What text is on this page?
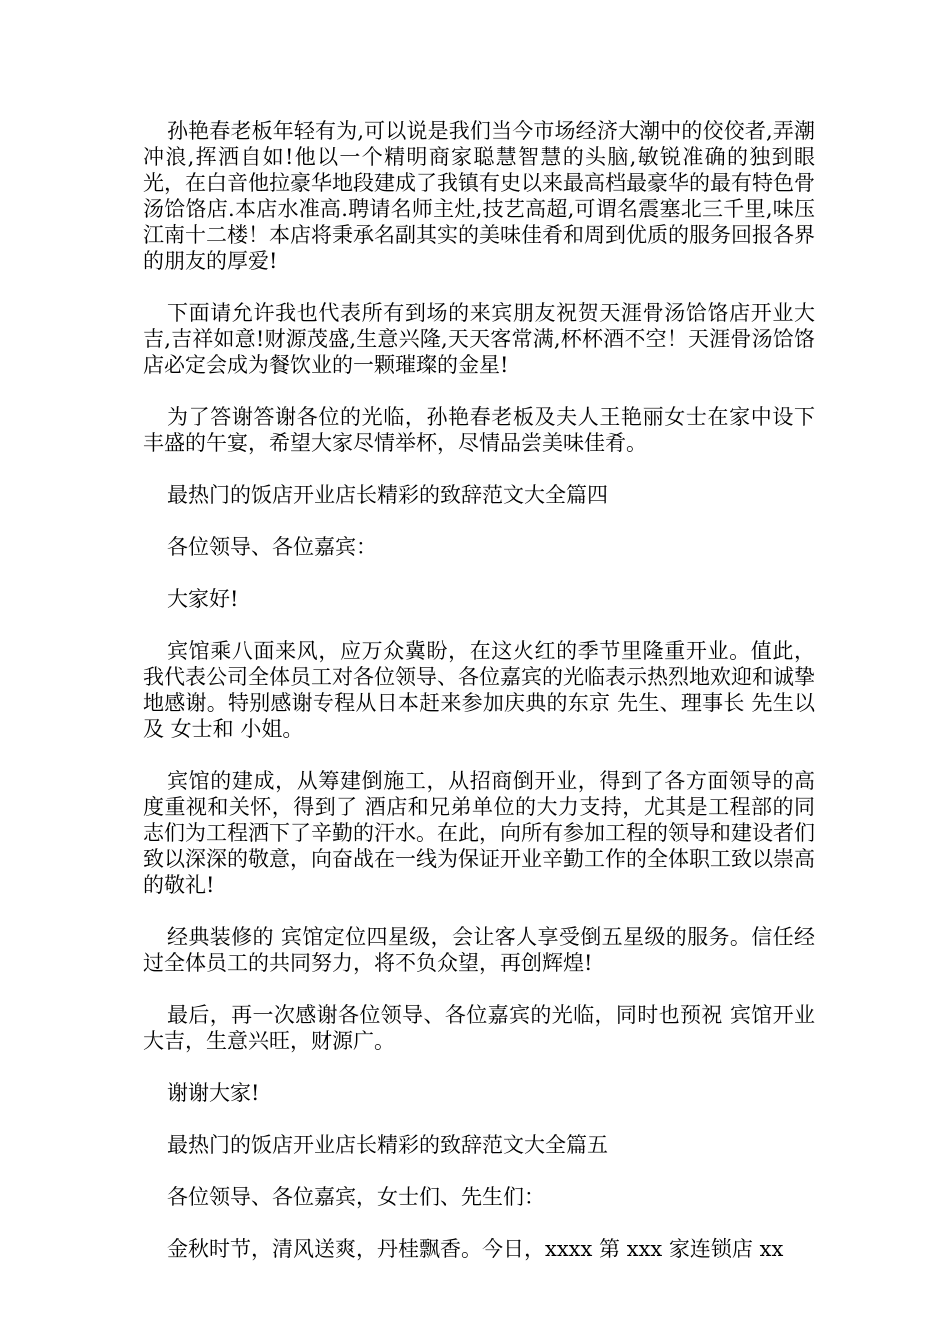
孙艳春老板年轻有为,可以说是我们当今市场经济大潮中的佼佼者,弄潮冲浪,挥洒自如!他以一个精明商家聪慧智慧的头脑,敏锐准确的独到眼光，在白音他拉豪华地段建成了我镇有史以来最高档最豪华的最有特色骨汤饸饹店.本店水准高.聘请名师主灶,技艺高超,可谓名震塞北三千里,味压江南十二楼！本店将秉承名副其实的美味佳肴和周到优质的服务回报各界的朋友的厚爱!

下面请允许我也代表所有到场的来宾朋友祝贺天涯骨汤饸饹店开业大吉,吉祥如意!财源茂盛,生意兴隆,天天客常满,杯杯酒不空！天涯骨汤饸饹店必定会成为餐饮业的一颗璀璨的金星!

为了答谢答谢各位的光临，孙艳春老板及夫人王艳丽女士在家中设下丰盛的午宴，希望大家尽情举杯，尽情品尝美味佳肴。

最热门的饭店开业店长精彩的致辞范文大全篇四

各位领导、各位嘉宾：

大家好!

宾馆乘八面来风，应万众冀盼，在这火红的季节里隆重开业。值此，我代表公司全体员工对各位领导、各位嘉宾的光临表示热烈地欢迎和诚挚地感谢。特别感谢专程从日本赶来参加庆典的东京 先生、理事长 先生以及 女士和 小姐。

宾馆的建成，从筹建倒施工，从招商倒开业，得到了各方面领导的高度重视和关怀，得到了 酒店和兄弟单位的大力支持，尤其是工程部的同志们为工程洒下了辛勤的汗水。在此，向所有参加工程的领导和建设者们致以深深的敬意，向奋战在一线为保证开业辛勤工作的全体职工致以崇高的敬礼!

经典装修的 宾馆定位四星级，会让客人享受倒五星级的服务。信任经过全体员工的共同努力，将不负众望，再创辉煌!

最后，再一次感谢各位领导、各位嘉宾的光临，同时也预祝 宾馆开业大吉，生意兴旺，财源广。

谢谢大家!

最热门的饭店开业店长精彩的致辞范文大全篇五

各位领导、各位嘉宾，女士们、先生们：

金秋时节，清风送爽，丹桂飘香。今日，xxxx 第 xxx 家连锁店 xx
